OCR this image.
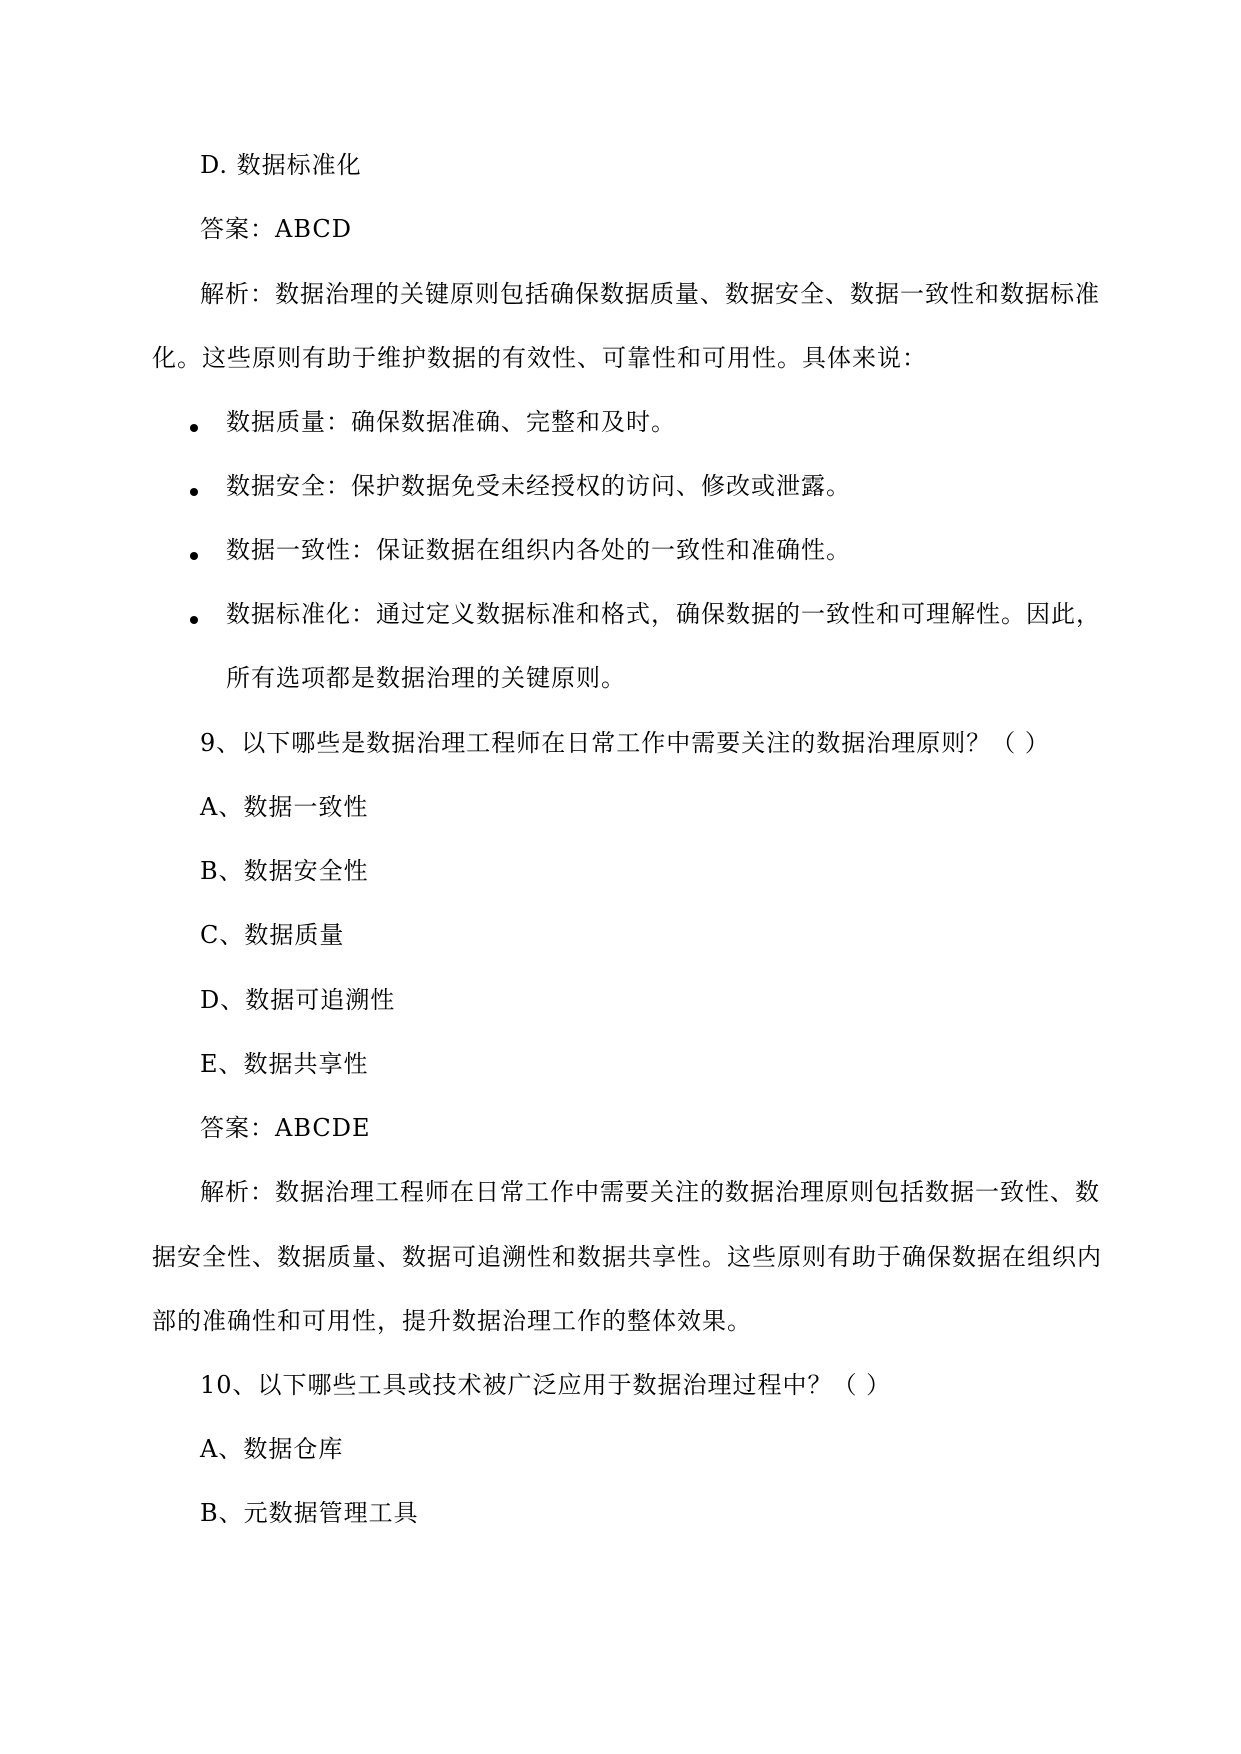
D. 数据标准化
答案：ABCD
解析：数据治理的关键原则包括确保数据质量、数据安全、数据一致性和数据标准
化。这些原则有助于维护数据的有效性、可靠性和可用性。具体来说：
数据质量：确保数据准确、完整和及时。
数据安全：保护数据免受未经授权的访问、修改或泄露。
数据一致性：保证数据在组织内各处的一致性和准确性。
数据标准化：通过定义数据标准和格式，确保数据的一致性和可理解性。因此，
所有选项都是数据治理的关键原则。
9、以下哪些是数据治理工程师在日常工作中需要关注的数据治理原则？（ ）
A、数据一致性
B、数据安全性
C、数据质量
D、数据可追溯性
E、数据共享性
答案：ABCDE
解析：数据治理工程师在日常工作中需要关注的数据治理原则包括数据一致性、数
据安全性、数据质量、数据可追溯性和数据共享性。这些原则有助于确保数据在组织内
部的准确性和可用性，提升数据治理工作的整体效果。
10、以下哪些工具或技术被广泛应用于数据治理过程中？（ ）
A、数据仓库
B、元数据管理工具
